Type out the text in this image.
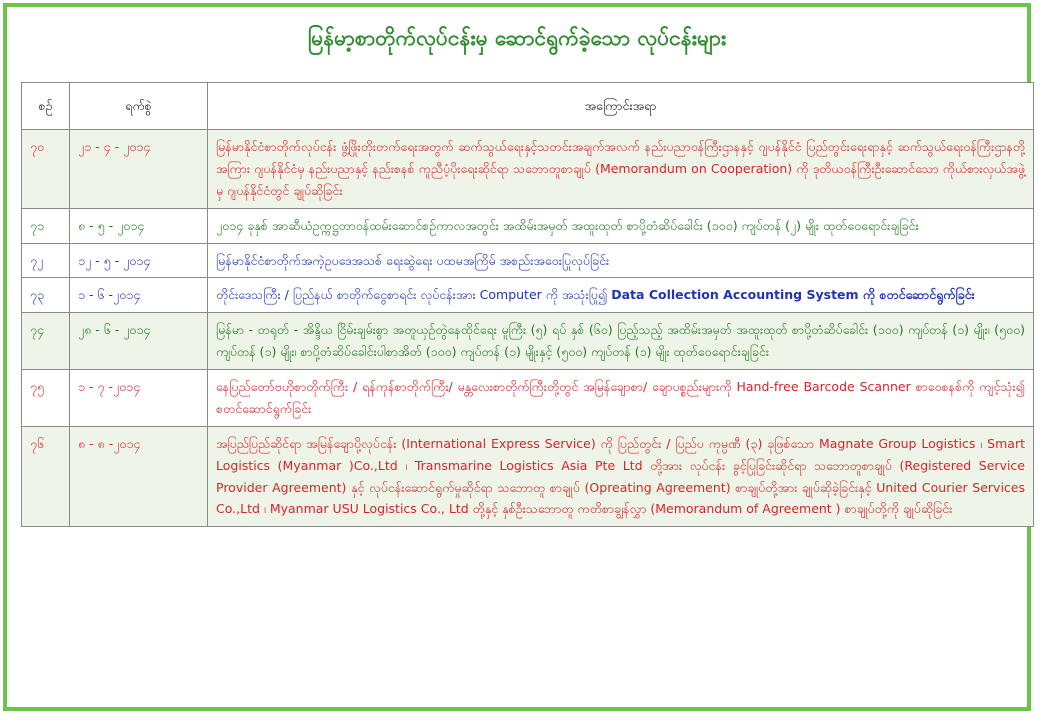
မြန်မာ့စာတိုက်လုပ်ငန်းမှ ဆောင်ရွက်ခဲ့သော လုပ်ငန်းများ
စဉ်	ရက်စွဲ	အကြောင်းအရာ
၇၀	၂၁ - ၄ - ၂၀၁၄	မြန်မာနိုင်ငံစာတိုက်လုပ်ငန်း ဖွံ့ဖြိုးတိုးတက်ရေးအတွက် ဆက်သွယ်ရေးနှင့်သတင်းအချက်အလက် နည်းပညာဝန်ကြီးဌာနနှင့် ဂျပန်နိုင်ငံ ပြည်တွင်းရေးရာနှင့် ဆက်သွယ်ရေးဝန်ကြီးဌာနတို့အကြား ဂျပန်နိုင်ငံမှ နည်းပညာနှင့် နည်းစနစ် ကူညီပံ့ပိုးရေးဆိုင်ရာ သဘောတူစာချုပ် (Memorandum on Cooperation) ကို ဒုတိယဝန်ကြီးဦးဆောင်သော ကိုယ်စားလှယ်အဖွဲ့မှ ဂျပန်နိုင်ငံတွင် ချုပ်ဆိုခြင်း
၇၁	၈ - ၅ - ၂၀၁၄	၂၀၁၄ ခုနှစ် အာဆီယံဥက္ကဋ္ဌတာဝန်ထမ်းဆောင်စဉ်ကာလအတွင်း အထိမ်းအမှတ် အထူးထုတ် စာပို့တံဆိပ်ခေါင်း (၁၀၀) ကျပ်တန် (၂) မျိုး ထုတ်ဝေရောင်းချခြင်း
၇၂	၁၂ - ၅ - ၂၀၁၄	မြန်မာနိုင်ငံစာတိုက်အကဲ့ဥပဒေအသစ် ရေးဆွဲရေး ပထမအကြိမ် အစည်းအဝေးပြုလုပ်ခြင်း
၇၃	၁ - ၆ -၂၀၁၄	တိုင်းဒေသကြီး / ပြည်နယ် စာတိုက်ငွေစာရင်း လုပ်ငန်းအား Computer ကို အသုံးပြု၍ Data Collection Accounting System ကို စတင်ဆောင်ရွက်ခြင်း
၇၄	၂၈ - ၆ - ၂၀၁၄	မြန်မာ - တရုတ် - အိန္ဒိယ ငြိမ်းချမ်းစွာ အတူယှဉ်တွဲနေထိုင်ရေး မူကြီး (၅) ရပ် နှစ် (၆၀) ပြည့်သည့် အထိမ်းအမှတ် အထူးထုတ် စာပို့တံဆိပ်ခေါင်း (၁၀၀) ကျပ်တန် (၁) မျိုး၊ (၅၀၀) ကျပ်တန် (၁) မျိုး၊ စာပို့တံဆိပ်ခေါင်းပါစာအိတ် (၁၀၀) ကျပ်တန် (၁) မျိုးနှင့် (၅၀၀) ကျပ်တန် (၁) မျိုး ထုတ်ဝေရောင်းချခြင်း
၇၅	၁ - ၇ -၂၀၁၄	နေပြည်တော်ဗဟိုစာတိုက်ကြီး / ရန်ကုန်စာတိုက်ကြီး/ မန္တလေးစာတိုက်ကြီးတို့တွင် အမြန်ချောစာ/ ချောပစ္စည်းများကို Hand-free Barcode Scanner စာဝေစနစ်ကို ကျင့်သုံး၍ စတင်ဆောင်ရွက်ခြင်း
၇၆	၈ - ၈ -၂၀၁၄	အပြည်ပြည်ဆိုင်ရာ အမြန်ချောပို့လုပ်ငန်း (International Express Service) ကို ပြည်တွင်း / ပြည်ပ ကုမ္ပဏီ (၃) ခုဖြစ်သော Magnate Group Logistics ၊ Smart Logistics (Myanmar )Co.,Ltd ၊ Transmarine Logistics Asia Pte Ltd တို့အား လုပ်ငန်း ခွင့်ပြုခြင်းဆိုင်ရာ သဘောတူစာချုပ် (Registered Service Provider Agreement) နှင့် လုပ်ငန်းဆောင်ရွက်မှုဆိုင်ရာ သဘောတူ စာချုပ် (Opreating Agreement) စာချုပ်တို့အား ချုပ်ဆိုခဲ့ခြင်းနှင့် United Courier Services Co.,Ltd ၊ Myanmar USU Logistics Co., Ltd တို့နှင့် နှစ်ဦးသဘောတူ ကတိစာချွန်လွှာ (Memorandum of Agreement ) စာချုပ်တို့ကို ချုပ်ဆိုခြင်း
